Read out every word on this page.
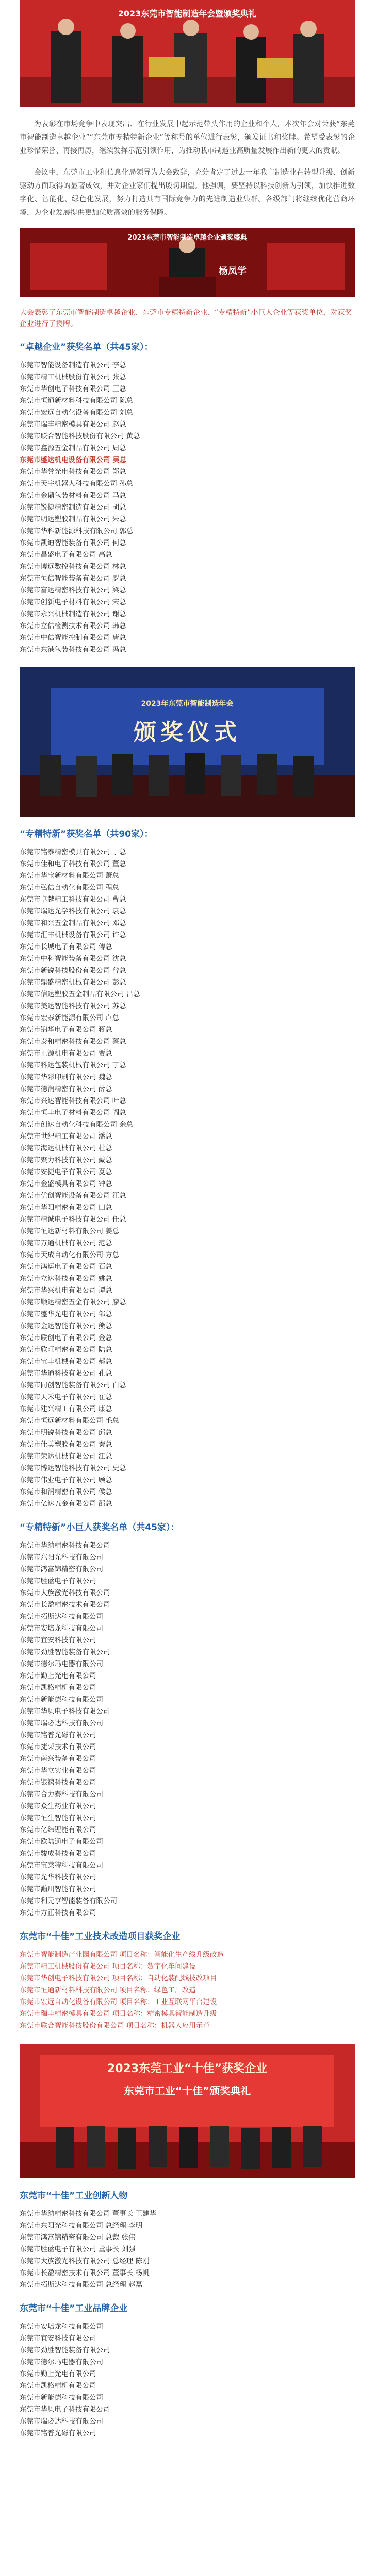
2023东莞市智能制造年会暨颁奖典礼

为表彰在市场竞争中表现突出、在行业发展中起示范带头作用的企业和个人，本次年会对荣获“东莞市智能制造卓越企业”“东莞市专精特新企业”等称号的单位进行表彰，颁发证书和奖牌。希望受表彰的企业珍惜荣誉、再接再厉，继续发挥示范引领作用，为推动我市制造业高质量发展作出新的更大的贡献。

会议中，东莞市工业和信息化局领导为大会致辞，充分肯定了过去一年我市制造业在转型升级、创新驱动方面取得的显著成效，并对企业家们提出殷切期望。他强调，要坚持以科技创新为引领，加快推进数字化、智能化、绿色化发展，努力打造具有国际竞争力的先进制造业集群。各级部门将继续优化营商环境，为企业发展提供更加优质高效的服务保障。

2023东莞市智能制造卓越企业颁奖盛典
杨凤学

大会表彰了东莞市智能制造卓越企业、东莞市专精特新企业、“专精特新”小巨人企业等获奖单位，对获奖企业进行了授牌。

“卓越企业”获奖名单（共45家）：
东莞市智能设备制造有限公司 李总
东莞市精工机械股份有限公司 张总
东莞市华创电子科技有限公司 王总
东莞市恒通新材料科技有限公司 陈总
东莞市宏远自动化设备有限公司 刘总
东莞市瑞丰精密模具有限公司 赵总
东莞市联合智能科技股份有限公司 黄总
东莞市鑫源五金制品有限公司 周总
东莞市盛达机电设备有限公司 吴总
东莞市华誉光电科技有限公司 郑总
东莞市天宇机器人科技有限公司 孙总
东莞市金鼎包装材料有限公司 马总
东莞市锐捷精密制造有限公司 胡总
东莞市明达塑胶制品有限公司 朱总
东莞市华科新能源科技有限公司 郭总
东莞市凯迪智能装备有限公司 何总
东莞市昌盛电子有限公司 高总
东莞市博远数控科技有限公司 林总
东莞市恒信智能装备有限公司 罗总
东莞市富达精密科技有限公司 梁总
东莞市创新电子材料有限公司 宋总
东莞市永兴机械制造有限公司 谢总
东莞市立信检测技术有限公司 韩总
东莞市中信智能控制有限公司 唐总
东莞市东港包装科技有限公司 冯总
2023年东莞市智能制造年会
颁奖仪式
“专精特新”获奖名单（共90家）：
东莞市铭泰精密模具有限公司 于总
东莞市佳和电子科技有限公司 董总
东莞市华宝新材料有限公司 萧总
东莞市弘信自动化有限公司 程总
东莞市卓越精工科技有限公司 曹总
东莞市瑞达光学科技有限公司 袁总
东莞市和兴五金制品有限公司 邓总
东莞市汇丰机械设备有限公司 许总
东莞市长城电子有限公司 傅总
东莞市中科智能装备有限公司 沈总
东莞市新锐科技股份有限公司 曾总
东莞市鼎盛精密机械有限公司 彭总
东莞市信达塑胶五金制品有限公司 吕总
东莞市美达智能科技有限公司 苏总
东莞市宏泰新能源有限公司 卢总
东莞市锦华电子有限公司 蒋总
东莞市泰和精密科技有限公司 蔡总
东莞市正源机电有限公司 贾总
东莞市科达包装机械有限公司 丁总
东莞市华彩印刷有限公司 魏总
东莞市德润精密有限公司 薛总
东莞市兴达智能科技有限公司 叶总
东莞市恒丰电子材料有限公司 阎总
东莞市创达自动化科技有限公司 余总
东莞市世纪精工有限公司 潘总
东莞市海达机械有限公司 杜总
东莞市聚力科技有限公司 戴总
东莞市安捷电子有限公司 夏总
东莞市金盛模具有限公司 钟总
东莞市优创智能设备有限公司 汪总
东莞市华阳精密有限公司 田总
东莞市精诚电子科技有限公司 任总
东莞市恒达新材料有限公司 姜总
东莞市万通机械有限公司 范总
东莞市天成自动化有限公司 方总
东莞市鸿运电子有限公司 石总
东莞市立达科技有限公司 姚总
东莞市华兴机电有限公司 谭总
东莞市顺达精密五金有限公司 廖总
东莞市盛华光电有限公司 邹总
东莞市金达智能有限公司 熊总
东莞市联创电子有限公司 金总
东莞市欣旺精密有限公司 陆总
东莞市宝丰机械有限公司 郝总
东莞市华通科技有限公司 孔总
东莞市同创智能装备有限公司 白总
东莞市天禾电子有限公司 崔总
东莞市建兴精工有限公司 康总
东莞市恒远新材料有限公司 毛总
东莞市明锐科技有限公司 邱总
东莞市佳美塑胶有限公司 秦总
东莞市荣达机械有限公司 江总
东莞市博达智能科技有限公司 史总
东莞市伟业电子有限公司 顾总
东莞市和润精密有限公司 侯总
东莞市亿达五金有限公司 邵总
“专精特新”小巨人获奖名单（共45家）：
东莞市华纳精密科技有限公司
东莞市东阳光科技有限公司
东莞市鸿富锦精密有限公司
东莞市胜蓝电子有限公司
东莞市大族激光科技有限公司
东莞市长盈精密技术有限公司
东莞市拓斯达科技有限公司
东莞市安培龙科技有限公司
东莞市宜安科技有限公司
东莞市劲胜智能装备有限公司
东莞市德尔玛电器有限公司
东莞市勤上光电有限公司
东莞市凯格精机有限公司
东莞市新能德科技有限公司
东莞市华贝电子科技有限公司
东莞市瑞必达科技有限公司
东莞市铭普光磁有限公司
东莞市捷荣技术有限公司
东莞市南兴装备有限公司
东莞市华立实业有限公司
东莞市银禧科技有限公司
东莞市合力泰科技有限公司
东莞市众生药业有限公司
东莞市恒生智能有限公司
东莞市亿纬锂能有限公司
东莞市欧陆通电子有限公司
东莞市骏成科技有限公司
东莞市宝莱特科技有限公司
东莞市光华科技有限公司
东莞市瀚川智能有限公司
东莞市利元亨智能装备有限公司
东莞市方正科技有限公司
东莞市“十佳”工业技术改造项目获奖企业
东莞市智能制造产业园有限公司 项目名称：智能化生产线升级改造
东莞市精工机械股份有限公司 项目名称：数字化车间建设
东莞市华创电子科技有限公司 项目名称：自动化装配线技改项目
东莞市恒通新材料科技有限公司 项目名称：绿色工厂改造
东莞市宏远自动化设备有限公司 项目名称：工业互联网平台建设
东莞市瑞丰精密模具有限公司 项目名称：精密模具智能制造升级
东莞市联合智能科技股份有限公司 项目名称：机器人应用示范
2023东莞工业“十佳”获奖企业
东莞市工业“十佳”颁奖典礼
东莞市“十佳”工业创新人物
东莞市华纳精密科技有限公司 董事长 王建华
东莞市东阳光科技有限公司 总经理 李明
东莞市鸿富锦精密有限公司 总裁 张伟
东莞市胜蓝电子有限公司 董事长 刘强
东莞市大族激光科技有限公司 总经理 陈刚
东莞市长盈精密技术有限公司 董事长 杨帆
东莞市拓斯达科技有限公司 总经理 赵磊
东莞市“十佳”工业品牌企业
东莞市安培龙科技有限公司
东莞市宜安科技有限公司
东莞市劲胜智能装备有限公司
东莞市德尔玛电器有限公司
东莞市勤上光电有限公司
东莞市凯格精机有限公司
东莞市新能德科技有限公司
东莞市华贝电子科技有限公司
东莞市瑞必达科技有限公司
东莞市铭普光磁有限公司
